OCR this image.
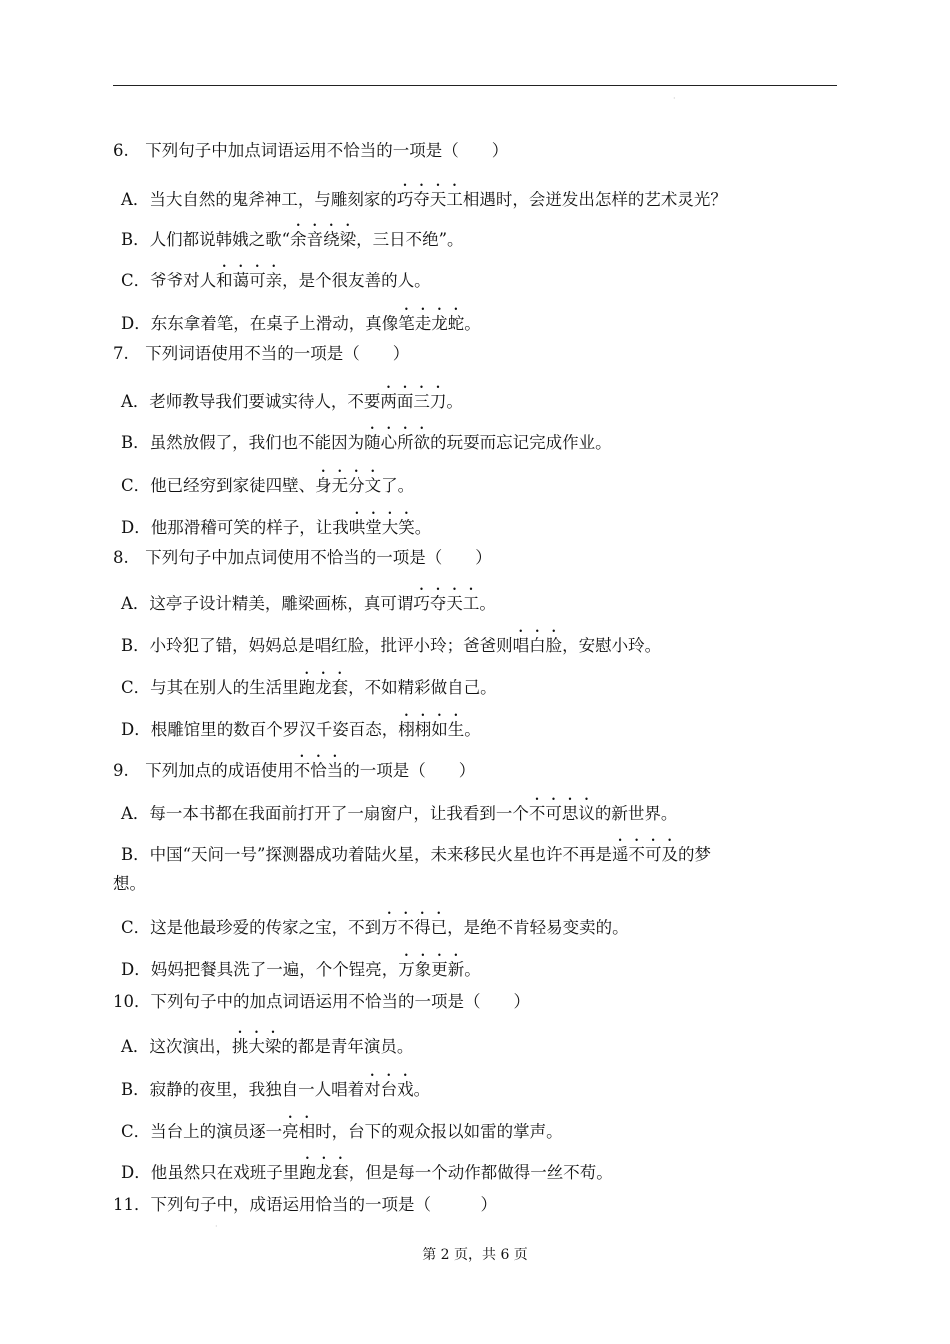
·
·
6.　下列句子中加点词语运用不恰当的一项是（　　）
A．当大自然的鬼斧神工，与雕刻家的巧夺天工相遇时，会迸发出怎样的艺术灵光？
B．人们都说韩娥之歌“余音绕梁，三日不绝”。
C．爷爷对人和蔼可亲，是个很友善的人。
D．东东拿着笔，在桌子上滑动，真像笔走龙蛇。
7.　下列词语使用不当的一项是（　　）
A．老师教导我们要诚实待人，不要两面三刀。
B．虽然放假了，我们也不能因为随心所欲的玩耍而忘记完成作业。
C．他已经穷到家徒四壁、身无分文了。
D．他那滑稽可笑的样子，让我哄堂大笑。
8.　下列句子中加点词使用不恰当的一项是（　　）
A．这亭子设计精美，雕梁画栋，真可谓巧夺天工。
B．小玲犯了错，妈妈总是唱红脸，批评小玲；爸爸则唱白脸，安慰小玲。
C．与其在别人的生活里跑龙套，不如精彩做自己。
D．根雕馆里的数百个罗汉千姿百态，栩栩如生。
9.　下列加点的成语使用不恰当的一项是（　　）
A．每一本书都在我面前打开了一扇窗户，让我看到一个不可思议的新世界。
B．中国“天问一号”探测器成功着陆火星，未来移民火星也许不再是遥不可及的梦
想。
C．这是他最珍爱的传家之宝，不到万不得已，是绝不肯轻易变卖的。
D．妈妈把餐具洗了一遍，个个锃亮，万象更新。
10．下列句子中的加点词语运用不恰当的一项是（　　）
A．这次演出，挑大梁的都是青年演员。
B．寂静的夜里，我独自一人唱着对台戏。
C．当台上的演员逐一亮相时，台下的观众报以如雷的掌声。
D．他虽然只在戏班子里跑龙套，但是每一个动作都做得一丝不苟。
11．下列句子中，成语运用恰当的一项是（　　　）
第 2 页，共 6 页
